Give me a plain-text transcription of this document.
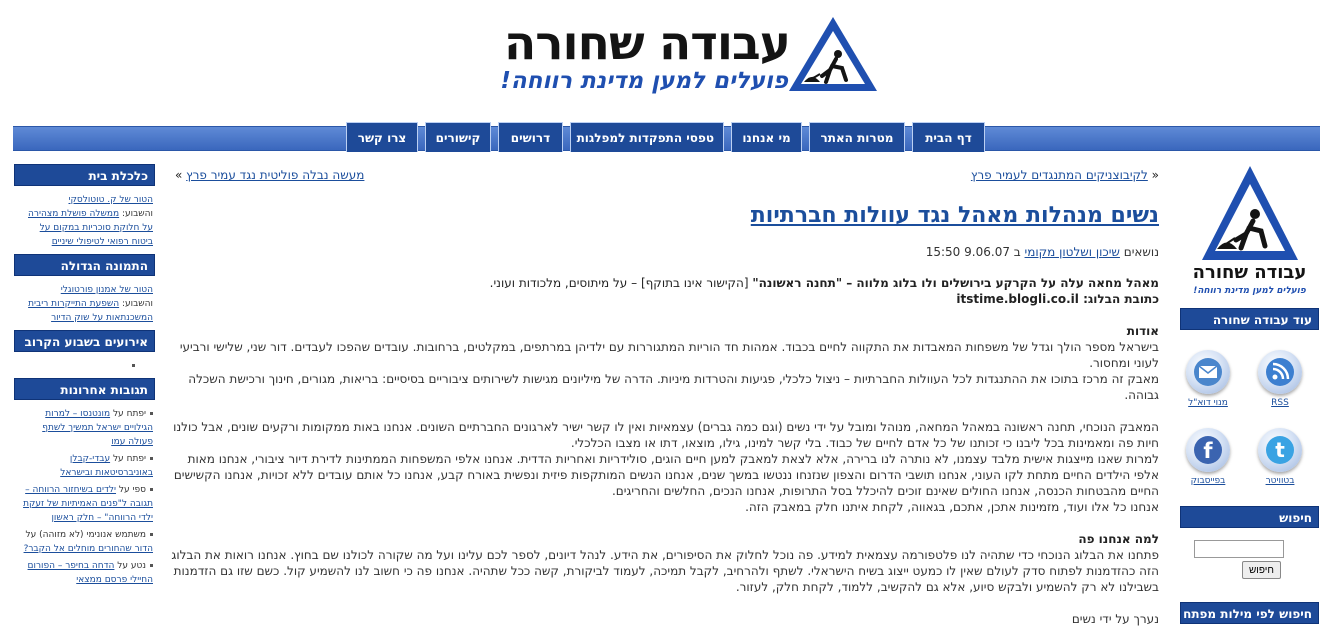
עבודה שחורה
פועלים למען מדינת רווחה!
דף הבית
מטרות האתר
מי אנחנו
טפסי התפקדות למפלגות
דרושים
קישורים
צרו קשר
כלכלת בית
הטור של ק. טוטולסקי
והשבוע: ממשלה פושלת מצהירה על חלוקת סוכריות במקום על ביטוח רפואי לטיפולי שיניים
התמונה הגדולה
הטור של אמנון פורטוגלי
והשבוע: השפעת התייקרות ריבית המשכנתאות על שוק הדיור
אירועים בשבוע הקרוב
תגובות אחרונות
יפתח על מונטנסו – למרות הגילויים ישראל תמשיך לשתף פעולה עמו
יפתח על עבדי-קבלן באוניברסיטאות ובישראל
ספי על ילדים בשיחזור הרווחה – תגובה ל"פנים האמיתיות של זעקת ילדי הרווחה" – חלק ראשון
משתמש אנונימי (לא מזוהה) על הדור שהחורים מוחלים אל הקבר?
נטע על הדחה בחיפר – הפורום החיילי פרסם ממצאי
« לקיבוצניקים המתנגדים לעמיר פרץ
מעשה נבלה פוליטית נגד עמיר פרץ »
נשים מנהלות מאהל נגד עוולות חברתיות
נושאים שיכון ושלטון מקומי ב 9.06.07 15:50
מאהל מחאה עלה על הקרקע בירושלים ולו בלוג מלווה – "תחנה ראשונה" [הקישור אינו בתוקף] – על מיתוסים, מלכודות ועוני.
כתובת הבלוג: itstime.blogli.co.il
אודות

בישראל מספר הולך וגדל של משפחות המאבדות את התקווה לחיים בכבוד. אמהות חד הוריות המתגוררות עם ילדיהן במרתפים, במקלטים, ברחובות. עובדים שהפכו לעבדים. דור שני, שלישי ורביעי לעוני ומחסור.

מאבק זה מרכז בתוכו את ההתנגדות לכל העוולות החברתיות – ניצול כלכלי, פגיעות והטרדות מיניות. הדרה של מיליונים מגישות לשירותים ציבוריים בסיסיים: בריאות, מגורים, חינוך ורכישת השכלה גבוהה.

המאבק הנוכחי, תחנה ראשונה במאהל המחאה, מנוהל ומובל על ידי נשים (וגם כמה גברים) עצמאיות ואין לו קשר ישיר לארגונים החברתיים השונים. אנחנו באות ממקומות ורקעים שונים, אבל כולנו חיות פה ומאמינות בכל ליבנו כי זכותנו של כל אדם לחיים של כבוד. בלי קשר למינו, גילו, מוצאו, דתו או מצבו הכלכלי.

למרות שאנו מייצגות אישית מלבד עצמנו, לא נותרה לנו ברירה, אלא לצאת למאבק למען חיים הוגים, סולידריות ואחריות הדדית. אנחנו אלפי המשפחות הממתינות לדירת דיור ציבורי, אנחנו מאות אלפי הילדים החיים מתחת לקו העוני, אנחנו תושבי הדרום והצפון שנזנחו ננטשו במשך שנים, אנחנו הנשים המותקפות פיזית ונפשית באורח קבע, אנחנו כל אותם עובדים ללא זכויות, אנחנו הקשישים החיים מהבטחות הכנסה, אנחנו החולים שאינם זוכים להיכלל בסל התרופות, אנחנו הנכים, החלשים והחריגים.

אנחנו כל אלו ועוד, מזמינות אתכן, אתכם, בגאווה, לקחת איתנו חלק במאבק הזה.

למה אנחנו פה

פתחנו את הבלוג הנוכחי כדי שתהיה לנו פלטפורמה עצמאית למידע. פה נוכל לחלוק את הסיפורים, את הידע. לנהל דיונים, לספר לכם עלינו ועל מה שקורה לכולנו שם בחוץ. אנחנו רואות את הבלוג הזה כהזדמנות לפתוח סדק לעולם שאין לו כמעט ייצוג בשיח הישראלי. לשתף ולהרחיב, לקבל תמיכה, לעמוד לביקורת, קשה ככל שתהיה. אנחנו פה כי חשוב לנו להשמיע קול. כשם שזו גם הזדמנות בשבילנו לא רק להשמיע ולבקש סיוע, אלא גם להקשיב, ללמוד, לקחת חלק, לעזור.

נערך על ידי נשים

עבודה שחורה
פועלים למען מדינת רווחה!
עוד עבודה שחורה
RSS
מנוי דוא"ל
t
בטוויטר
f
בפייסבוק
חיפוש
חיפוש
חיפוש לפי מילות מפתח
